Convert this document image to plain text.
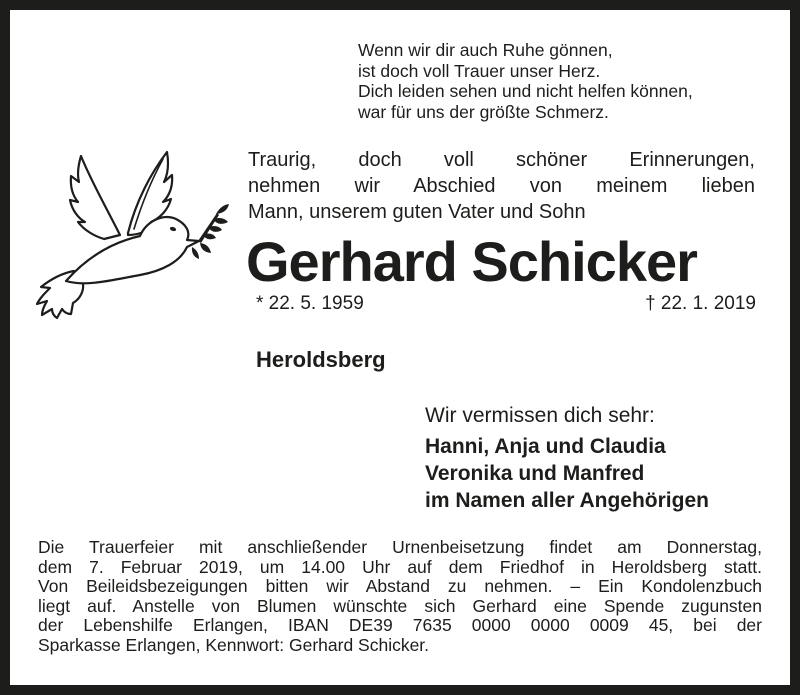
Wenn wir dir auch Ruhe gönnen,
ist doch voll Trauer unser Herz.
Dich leiden sehen und nicht helfen können,
war für uns der größte Schmerz.
Traurig, doch voll schöner Erinnerungen,
nehmen wir Abschied von meinem lieben
Mann, unserem guten Vater und Sohn
Gerhard Schicker
* 22. 5. 1959	† 22. 1. 2019
Heroldsberg
Wir vermissen dich sehr:
Hanni, Anja und Claudia
Veronika und Manfred
im Namen aller Angehörigen
Die Trauerfeier mit anschließender Urnenbeisetzung findet am Donnerstag,
dem 7. Februar 2019, um 14.00 Uhr auf dem Friedhof in Heroldsberg statt.
Von Beileidsbezeigungen bitten wir Abstand zu nehmen. – Ein Kondolenzbuch
liegt auf. Anstelle von Blumen wünschte sich Gerhard eine Spende zugunsten
der Lebenshilfe Erlangen, IBAN DE39 7635 0000 0000 0009 45, bei der
Sparkasse Erlangen, Kennwort: Gerhard Schicker.
